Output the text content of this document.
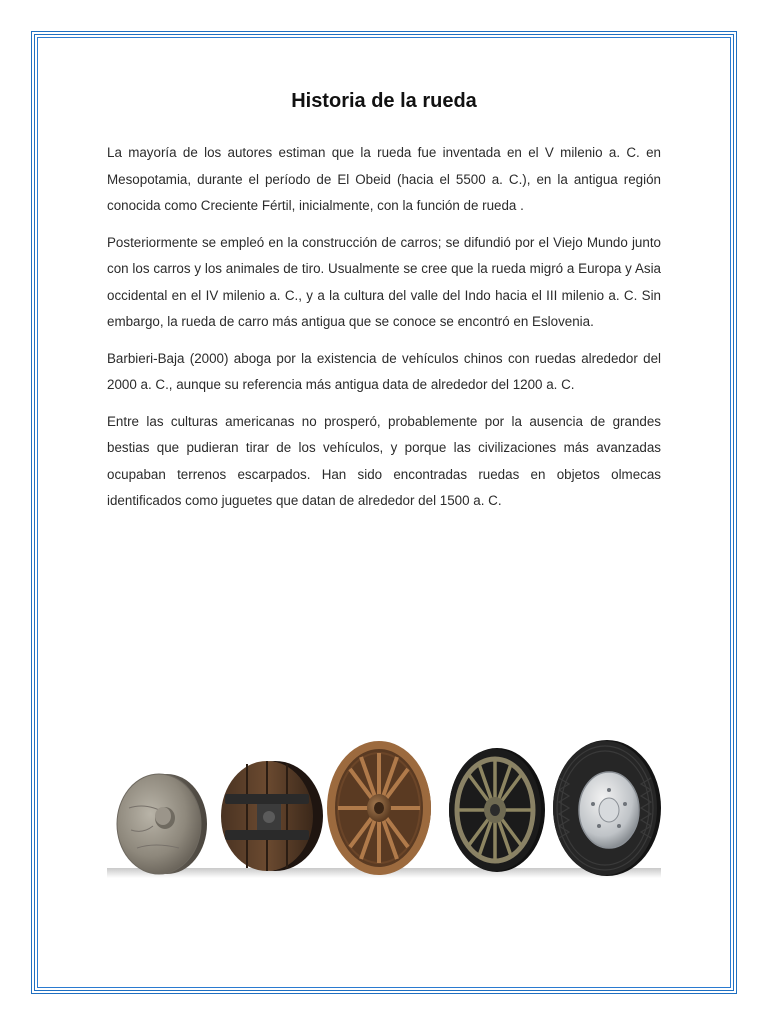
Historia de la rueda

La mayoría de los autores estiman que la rueda fue inventada en el V milenio a. C. en Mesopotamia, durante el período de El Obeid (hacia el 5500 a. C.), en la antigua región conocida como Creciente Fértil, inicialmente, con la función de rueda .

Posteriormente se empleó en la construcción de carros; se difundió por el Viejo Mundo junto con los carros y los animales de tiro. Usualmente se cree que la rueda migró a Europa y Asia occidental en el IV milenio a. C., y a la cultura del valle del Indo hacia el III milenio a. C. Sin embargo, la rueda de carro más antigua que se conoce se encontró en Eslovenia.

Barbieri-Baja (2000) aboga por la existencia de vehículos chinos con ruedas alrededor del 2000 a. C., aunque su referencia más antigua data de alrededor del 1200 a. C.

Entre las culturas americanas no prosperó, probablemente por la ausencia de grandes bestias que pudieran tirar de los vehículos, y porque las civilizaciones más avanzadas ocupaban terrenos escarpados. Han sido encontradas ruedas en objetos olmecas identificados como juguetes que datan de alrededor del 1500 a. C.
